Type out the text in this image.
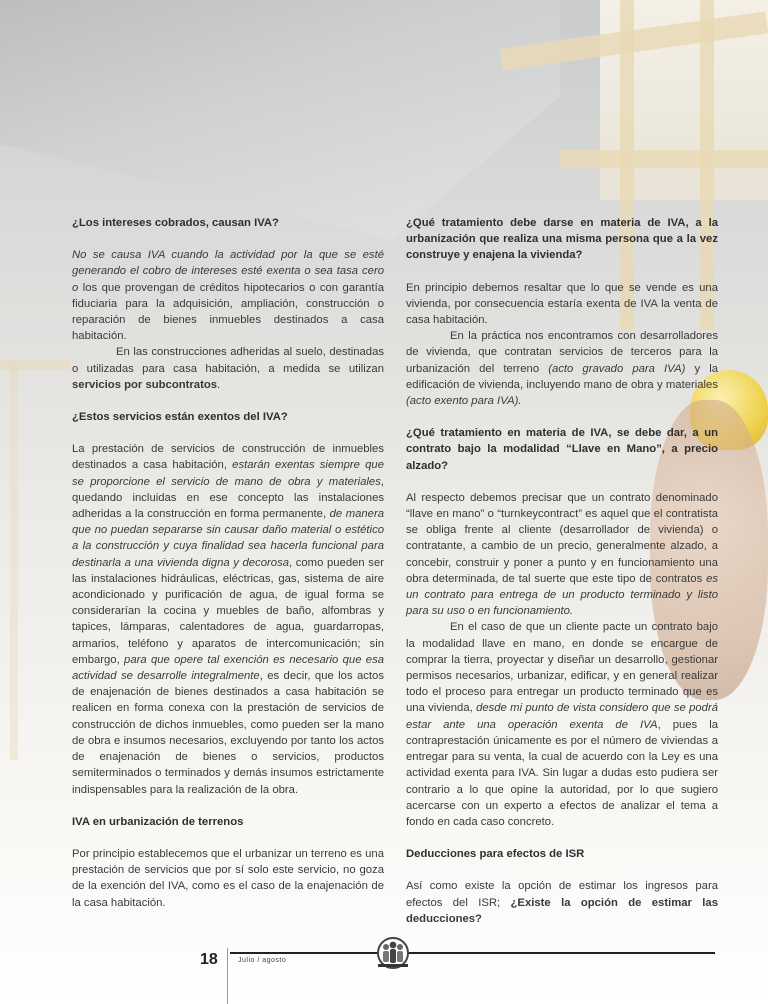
¿Los intereses cobrados, causan IVA?

No se causa IVA cuando la actividad por la que se esté generando el cobro de intereses esté exenta o sea tasa cero o los que provengan de créditos hipotecarios o con garantía fiduciaria para la adquisición, ampliación, construcción o reparación de bienes inmuebles destinados a casa habitación.

En las construcciones adheridas al suelo, destinadas o utilizadas para casa habitación, a medida se utilizan servicios por subcontratos.

¿Estos servicios están exentos del IVA?

La prestación de servicios de construcción de inmuebles destinados a casa habitación, estarán exentas siempre que se proporcione el servicio de mano de obra y materiales, quedando incluidas en ese concepto las instalaciones adheridas a la construcción en forma permanente, de manera que no puedan separarse sin causar daño material o estético a la construcción y cuya finalidad sea hacerla funcional para destinarla a una vivienda digna y decorosa, como pueden ser las instalaciones hidráulicas, eléctricas, gas, sistema de aire acondicionado y purificación de agua, de igual forma se considerarían la cocina y muebles de baño, alfombras y tapices, lámparas, calentadores de agua, guardarropas, armarios, teléfono y aparatos de intercomunicación; sin embargo, para que opere tal exención es necesario que esa actividad se desarrolle integralmente, es decir, que los actos de enajenación de bienes destinados a casa habitación se realicen en forma conexa con la prestación de servicios de construcción de dichos inmuebles, como pueden ser la mano de obra e insumos necesarios, excluyendo por tanto los actos de enajenación de bienes o servicios, productos semiterminados o terminados y demás insumos estrictamente indispensables para la realización de la obra.

IVA en urbanización de terrenos

Por principio establecemos que el urbanizar un terreno es una prestación de servicios que por sí solo este servicio, no goza de la exención del IVA, como es el caso de la enajenación de la casa habitación.

¿Qué tratamiento debe darse en materia de IVA, a la urbanización que realiza una misma persona que a la vez construye y enajena la vivienda?

En principio debemos resaltar que lo que se vende es una vivienda, por consecuencia estaría exenta de IVA la venta de casa habitación.

En la práctica nos encontramos con desarrolladores de vivienda, que contratan servicios de terceros para la urbanización del terreno (acto gravado para IVA) y la edificación de vivienda, incluyendo mano de obra y materiales (acto exento para IVA).

¿Qué tratamiento en materia de IVA, se debe dar, a un contrato bajo la modalidad “Llave en Mano”, a precio alzado?

Al respecto debemos precisar que un contrato denominado “llave en mano” o “turnkeycontract” es aquel que el contratista se obliga frente al cliente (desarrollador de vivienda) o contratante, a cambio de un precio, generalmente alzado, a concebir, construir y poner a punto y en funcionamiento una obra determinada, de tal suerte que este tipo de contratos es un contrato para entrega de un producto terminado y listo para su uso o en funcionamiento.

En el caso de que un cliente pacte un contrato bajo la modalidad llave en mano, en donde se encargue de comprar la tierra, proyectar y diseñar un desarrollo, gestionar permisos necesarios, urbanizar, edificar, y en general realizar todo el proceso para entregar un producto terminado que es una vivienda, desde mi punto de vista considero que se podrá estar ante una operación exenta de IVA, pues la contraprestación únicamente es por el número de viviendas a entregar para su venta, la cual de acuerdo con la Ley es una actividad exenta para IVA. Sin lugar a dudas esto pudiera ser contrario a lo que opine la autoridad, por lo que sugiero acercarse con un experto a efectos de analizar el tema a fondo en cada caso concreto.

Deducciones para efectos de ISR

Así como existe la opción de estimar los ingresos para efectos del ISR; ¿Existe la opción de estimar las deducciones?

18	Julio / agosto
